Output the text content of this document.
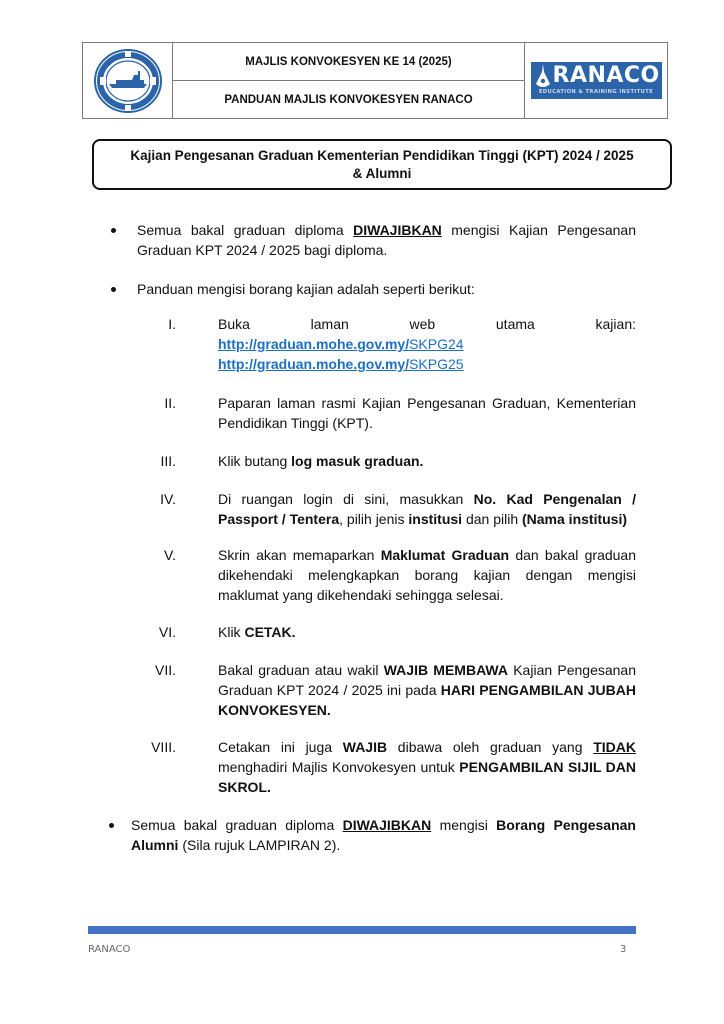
MAJLIS KONVOKESYEN KE 14 (2025)
PANDUAN MAJLIS KONVOKESYEN RANACO
RANACO
EDUCATION & TRAINING INSTITUTE
Kajian Pengesanan Graduan Kementerian Pendidikan Tinggi (KPT) 2024 / 2025
& Alumni
Semua bakal graduan diploma DIWAJIBKAN mengisi Kajian Pengesanan Graduan KPT 2024 / 2025 bagi diploma.
Panduan mengisi borang kajian adalah seperti berikut:
I.	Buka laman web utama kajian:
http://graduan.mohe.gov.my/SKPG24
http://graduan.mohe.gov.my/SKPG25
II.	Paparan laman rasmi Kajian Pengesanan Graduan, Kementerian Pendidikan Tinggi (KPT).
III.	Klik butang log masuk graduan.
IV.	Di ruangan login di sini, masukkan No. Kad Pengenalan / Passport / Tentera, pilih jenis institusi dan pilih (Nama institusi)
V.	Skrin akan memaparkan Maklumat Graduan dan bakal graduan dikehendaki melengkapkan borang kajian dengan mengisi maklumat yang dikehendaki sehingga selesai.
VI.	Klik CETAK.
VII.	Bakal graduan atau wakil WAJIB MEMBAWA Kajian Pengesanan Graduan KPT 2024 / 2025 ini pada HARI PENGAMBILAN JUBAH KONVOKESYEN.
VIII.	Cetakan ini juga WAJIB dibawa oleh graduan yang TIDAK menghadiri Majlis Konvokesyen untuk PENGAMBILAN SIJIL DAN SKROL.
Semua bakal graduan diploma DIWAJIBKAN mengisi Borang Pengesanan Alumni (Sila rujuk LAMPIRAN 2).
RANACO	3
